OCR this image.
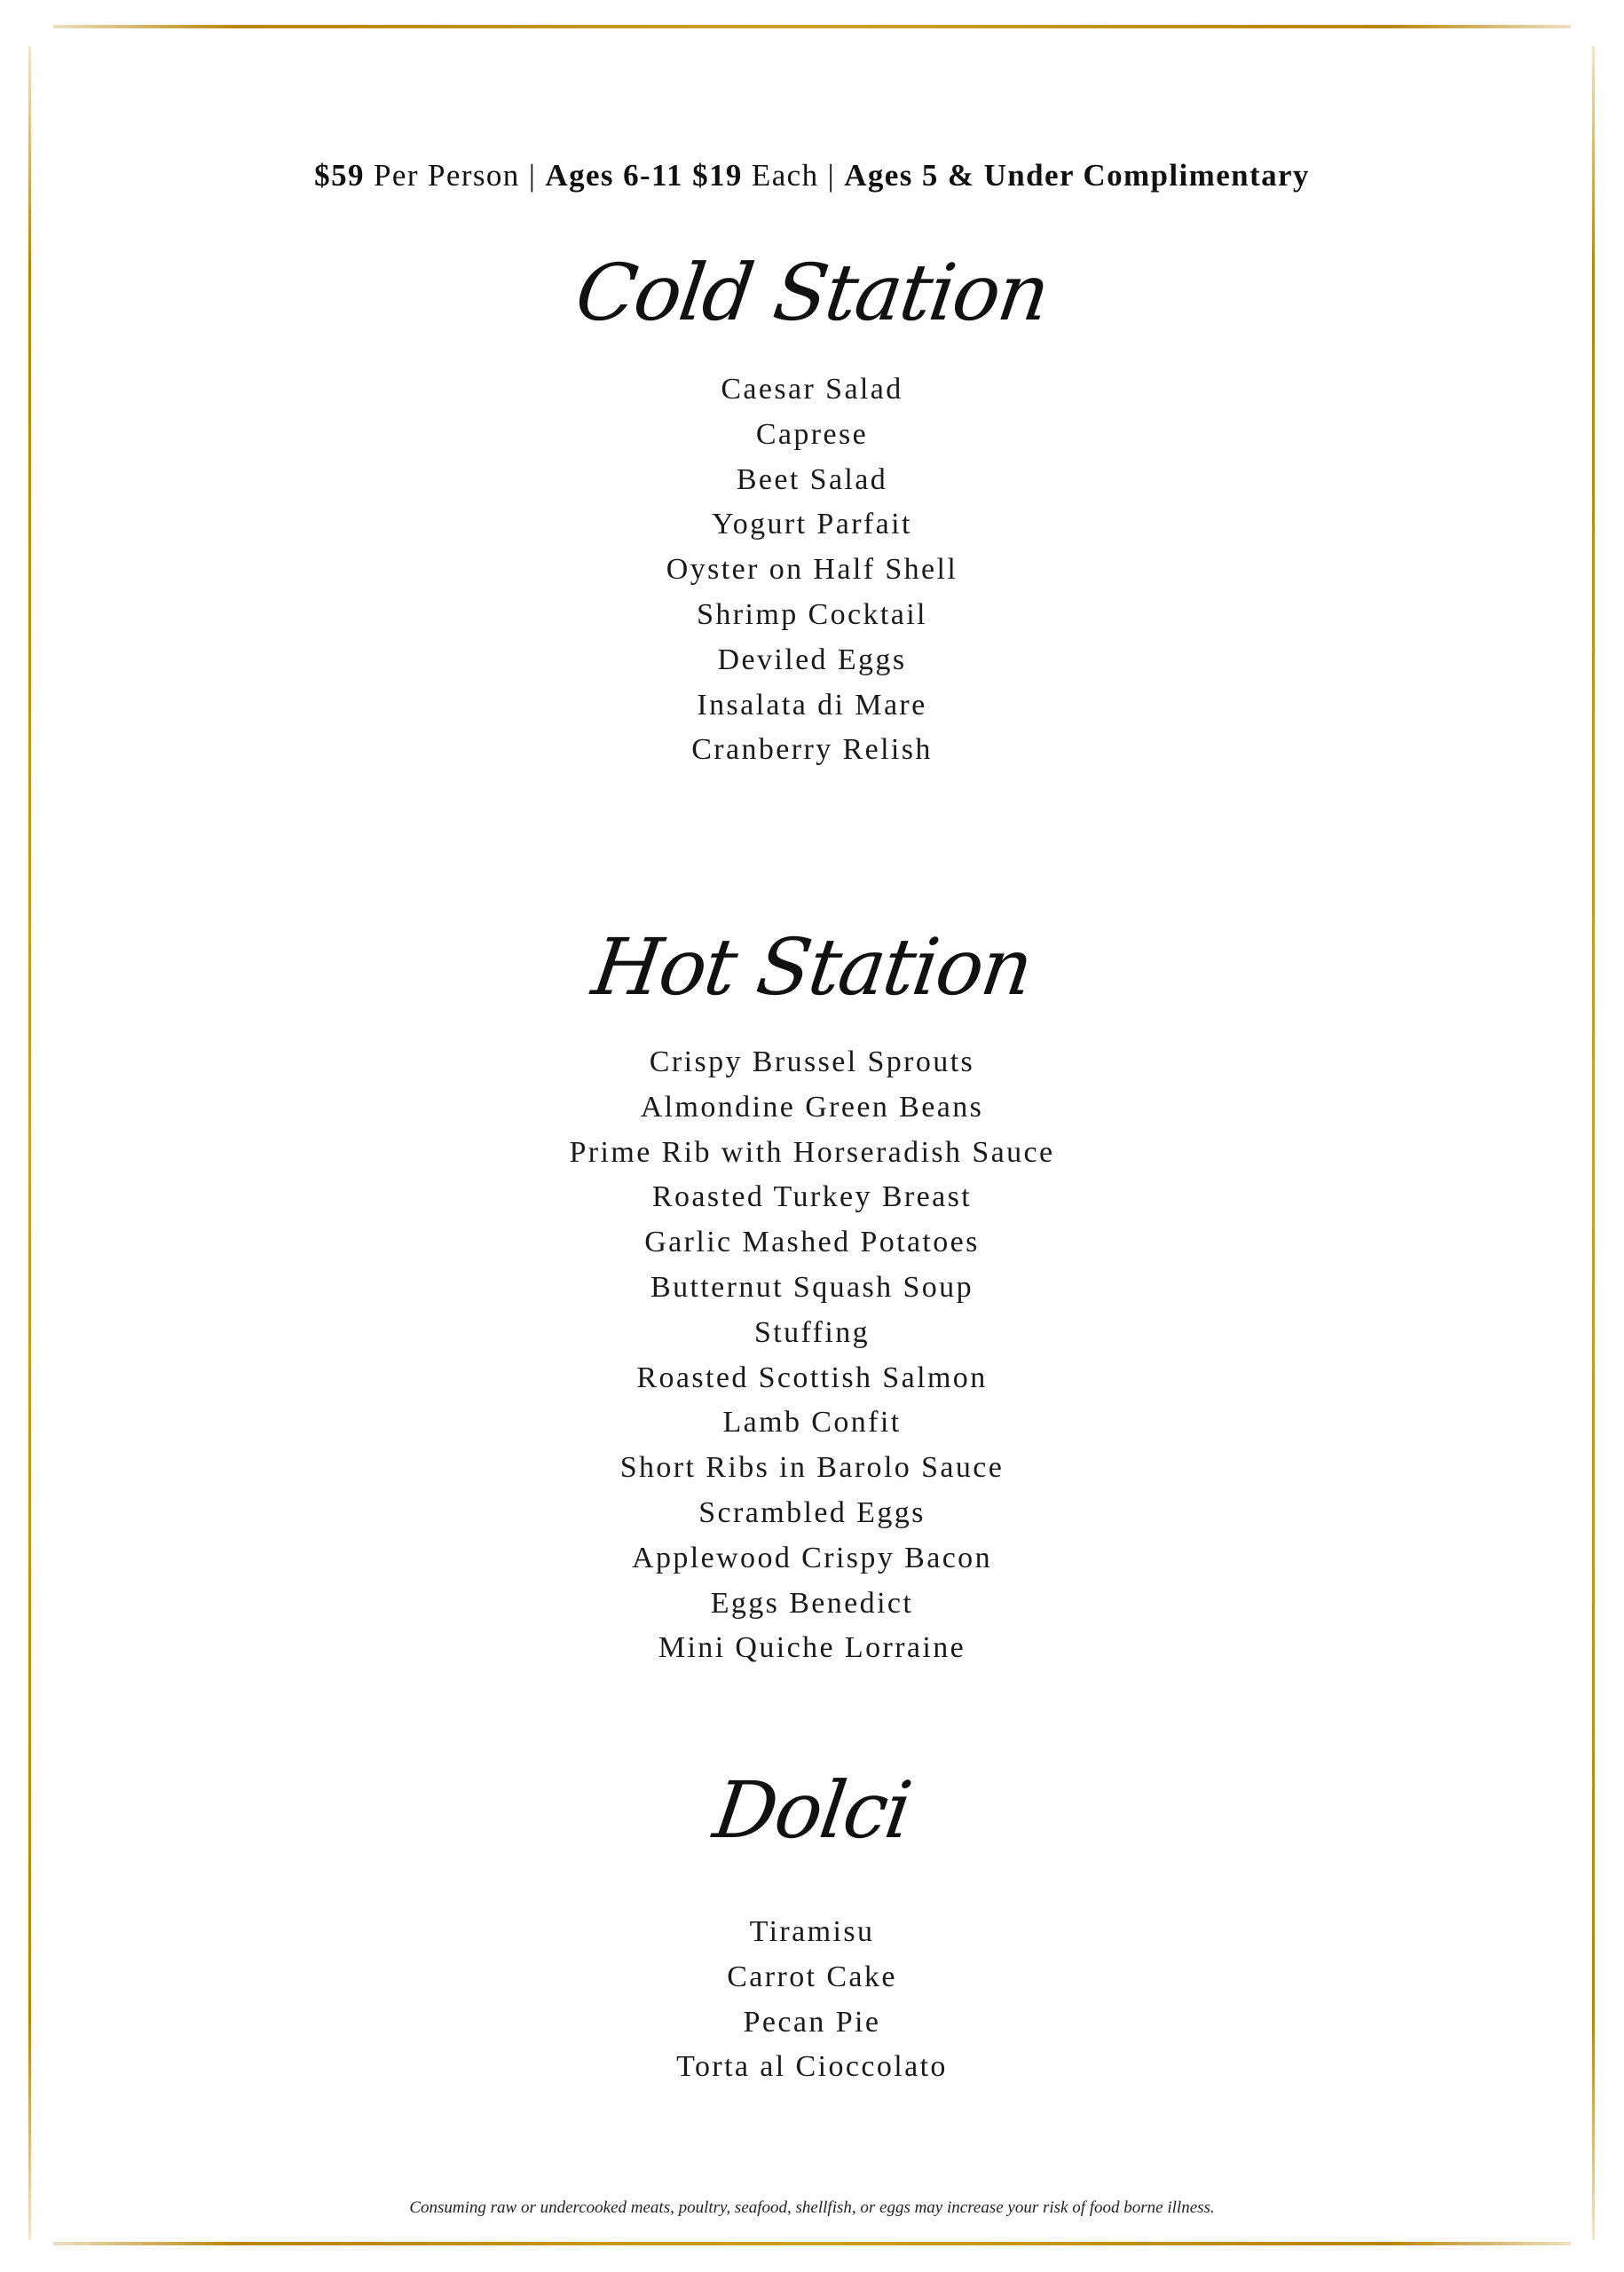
$59 Per Person | Ages 6-11 $19 Each | Ages 5 & Under Complimentary
Cold Station
Caesar Salad
Caprese
Beet Salad
Yogurt Parfait
Oyster on Half Shell
Shrimp Cocktail
Deviled Eggs
Insalata di Mare
Cranberry Relish
Hot Station
Crispy Brussel Sprouts
Almondine Green Beans
Prime Rib with Horseradish Sauce
Roasted Turkey Breast
Garlic Mashed Potatoes
Butternut Squash Soup
Stuffing
Roasted Scottish Salmon
Lamb Confit
Short Ribs in Barolo Sauce
Scrambled Eggs
Applewood Crispy Bacon
Eggs Benedict
Mini Quiche Lorraine
Dolci
Tiramisu
Carrot Cake
Pecan Pie
Torta al Cioccolato
Consuming raw or undercooked meats, poultry, seafood, shellfish, or eggs may increase your risk of food borne illness.
